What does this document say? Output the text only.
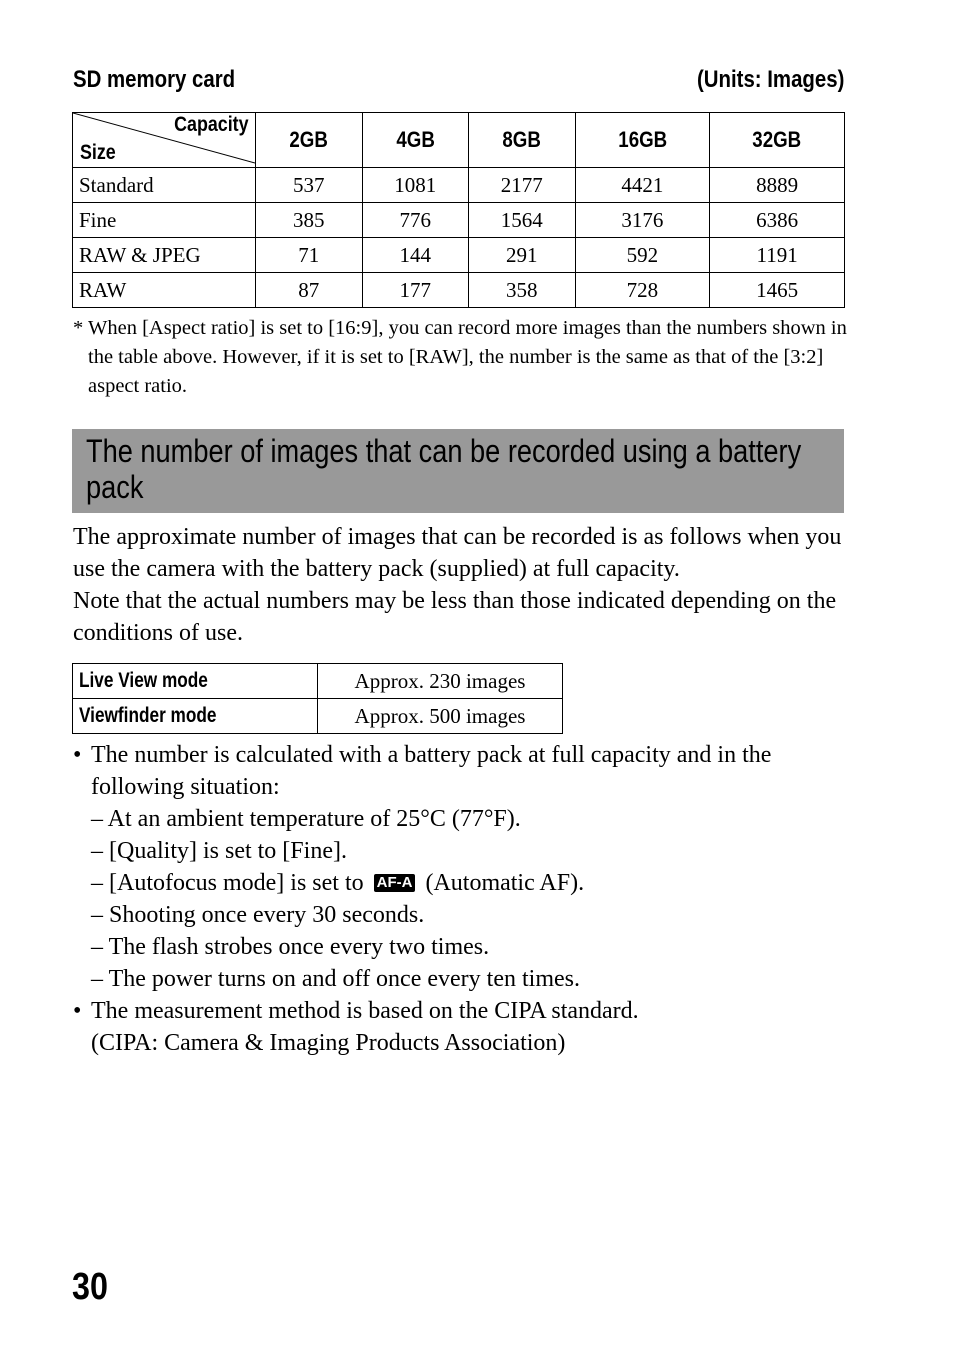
SD memory card	(Units: Images)
Capacity
Size	2GB	4GB	8GB	16GB	32GB
Standard	537	1081	2177	4421	8889
Fine	385	776	1564	3176	6386
RAW & JPEG	71	144	291	592	1191
RAW	87	177	358	728	1465
* When [Aspect ratio] is set to [16:9], you can record more images than the numbers shown in the table above. However, if it is set to [RAW], the number is the same as that of the [3:2] aspect ratio.
The number of images that can be recorded using a battery pack

The approximate number of images that can be recorded is as follows when you use the camera with the battery pack (supplied) at full capacity.

Note that the actual numbers may be less than those indicated depending on the conditions of use.

Live View mode	Approx. 230 images
Viewfinder mode	Approx. 500 images
• The number is calculated with a battery pack at full capacity and in the following situation:
– At an ambient temperature of 25°C (77°F).
– [Quality] is set to [Fine].
– [Autofocus mode] is set to AF-A (Automatic AF).
– Shooting once every 30 seconds.
– The flash strobes once every two times.
– The power turns on and off once every ten times.
• The measurement method is based on the CIPA standard.
(CIPA: Camera & Imaging Products Association)
30
